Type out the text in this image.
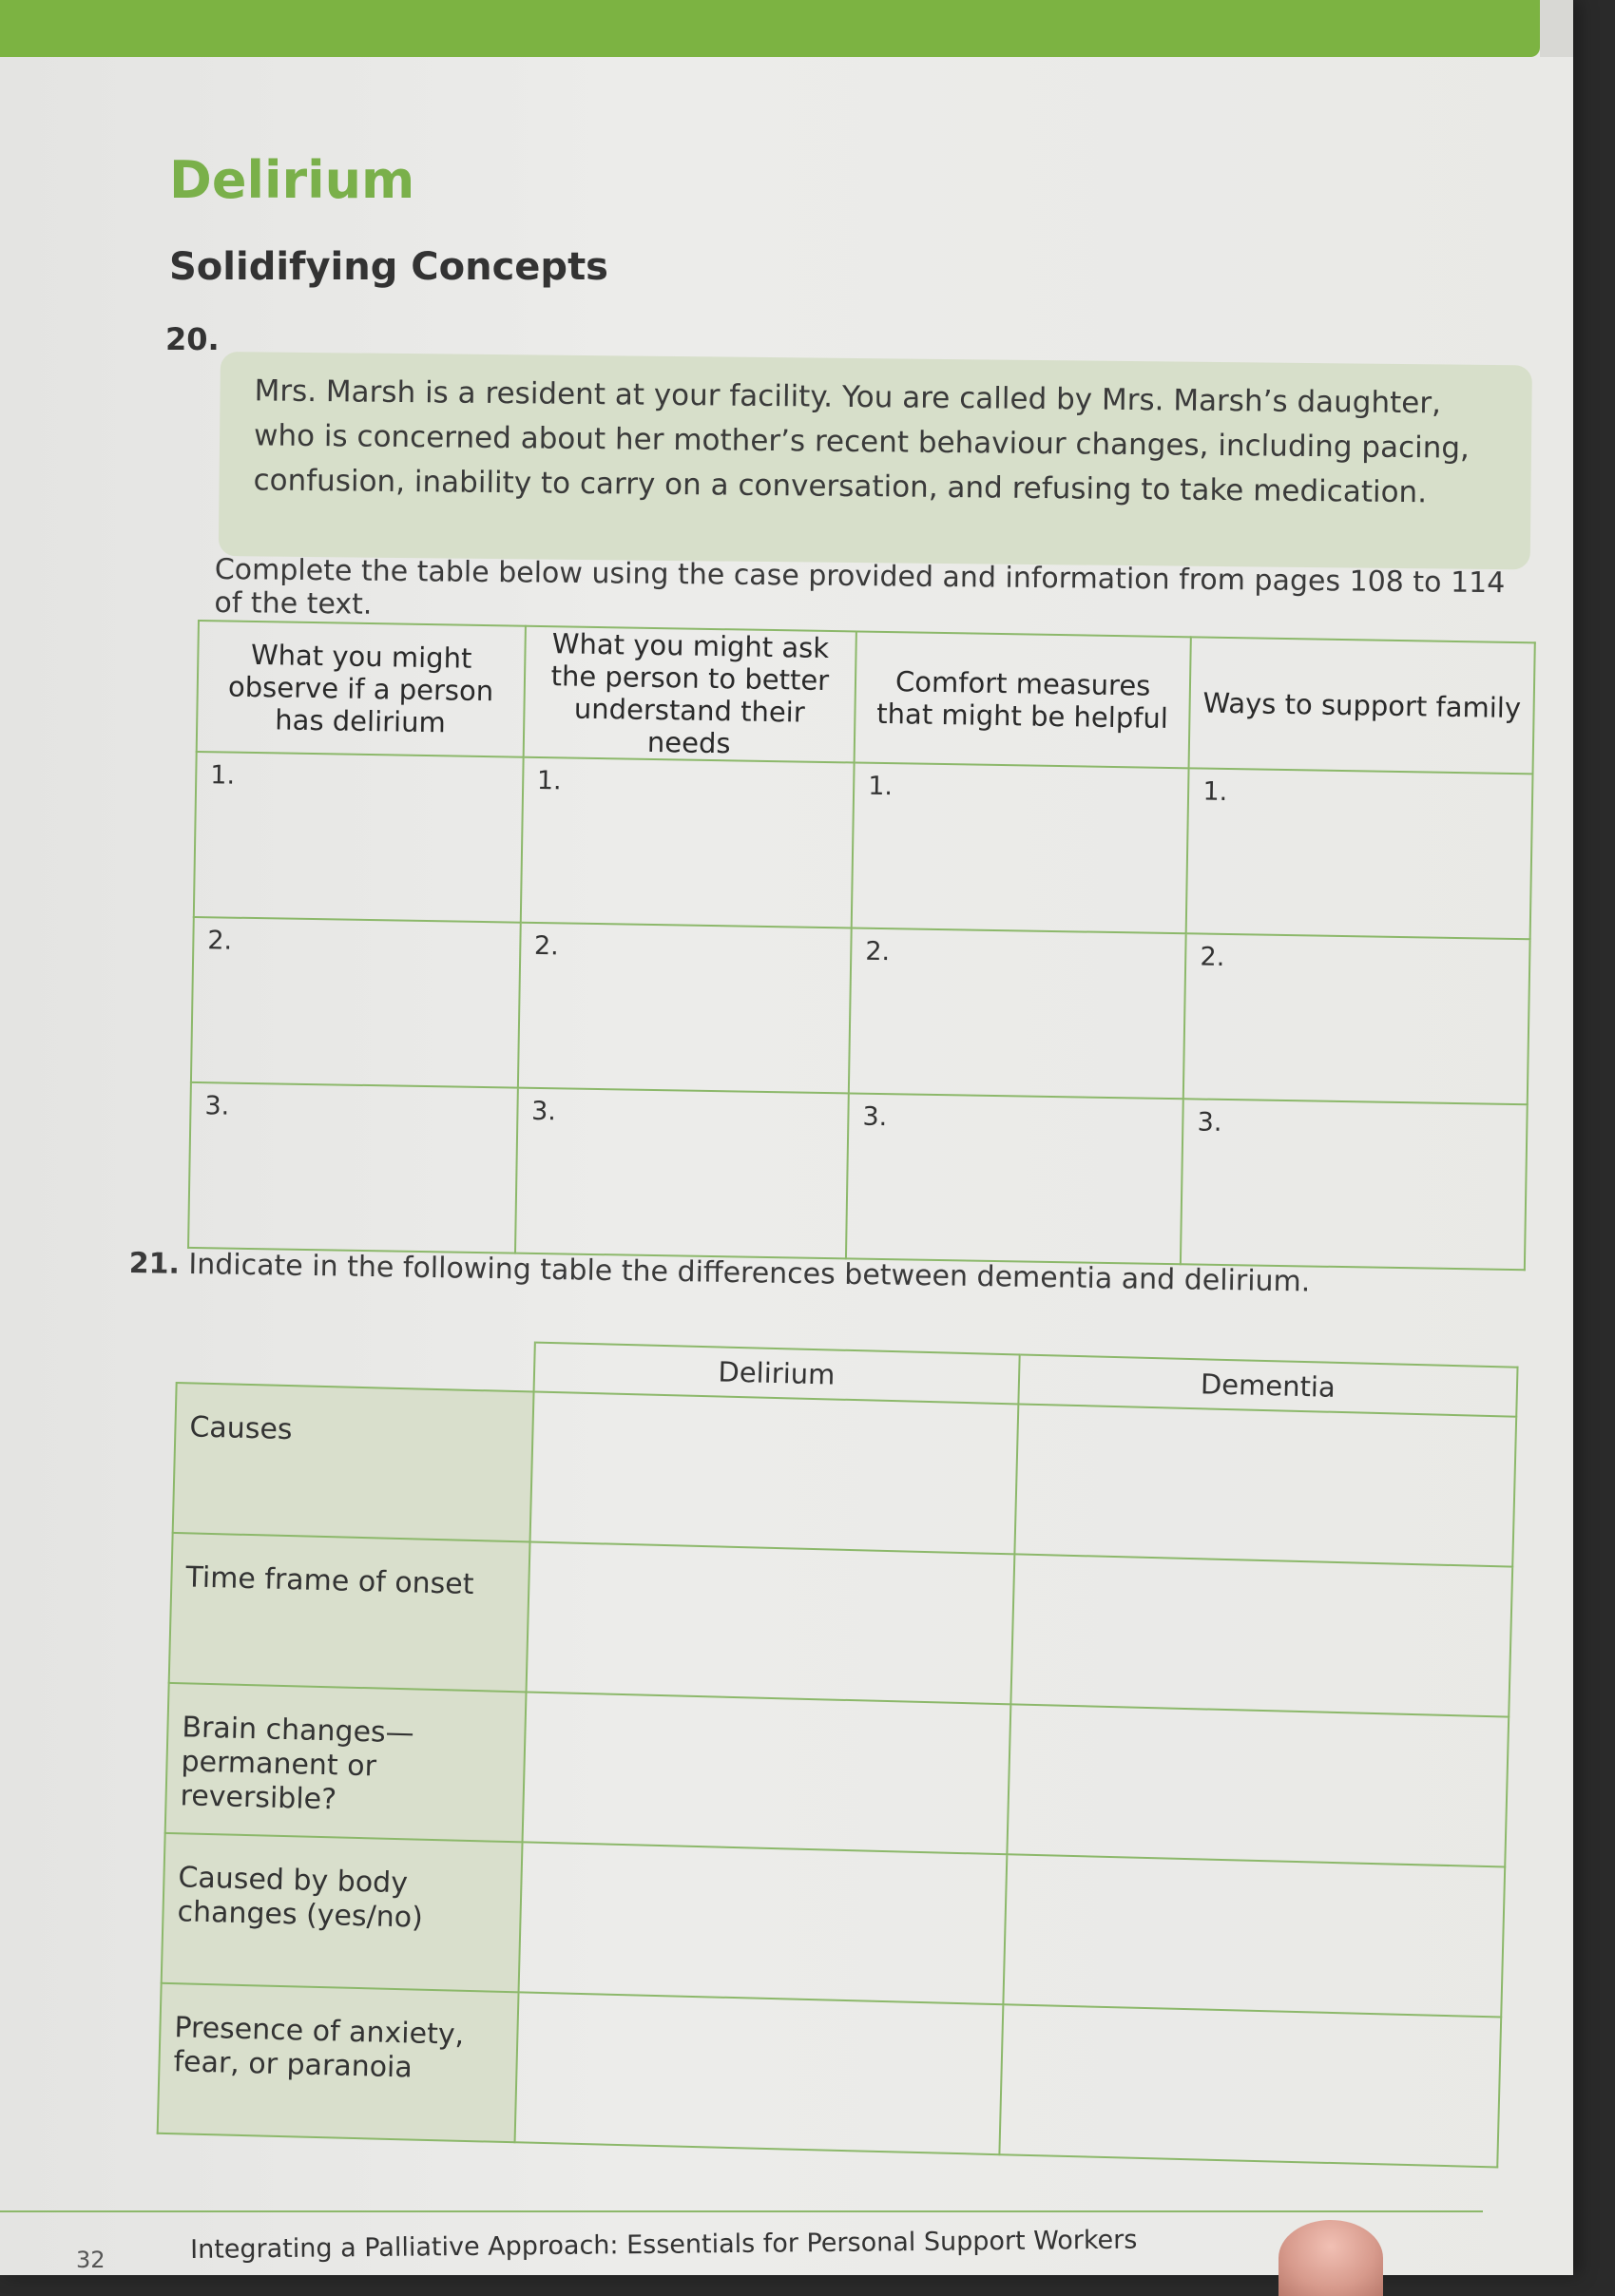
Delirium
Solidifying Concepts
20.
Mrs. Marsh is a resident at your facility. You are called by Mrs. Marsh’s daughter, who is concerned about her mother’s recent behaviour changes, including pacing, confusion, inability to carry on a conversation, and refusing to take medication.
Complete the table below using the case provided and information from pages 108 to 114 of the text.
What you might observe if a person has delirium	What you might ask the person to better understand their needs	Comfort measures that might be helpful	Ways to support family
1.	1.	1.	1.
2.	2.	2.	2.
3.	3.	3.	3.
21. Indicate in the following table the differences between dementia and delirium.
	Delirium	Dementia
Causes		
Time frame of onset		
Brain changes—permanent or reversible?		
Caused by body changes (yes/no)		
Presence of anxiety, fear, or paranoia		
32	Integrating a Palliative Approach: Essentials for Personal Support Workers
